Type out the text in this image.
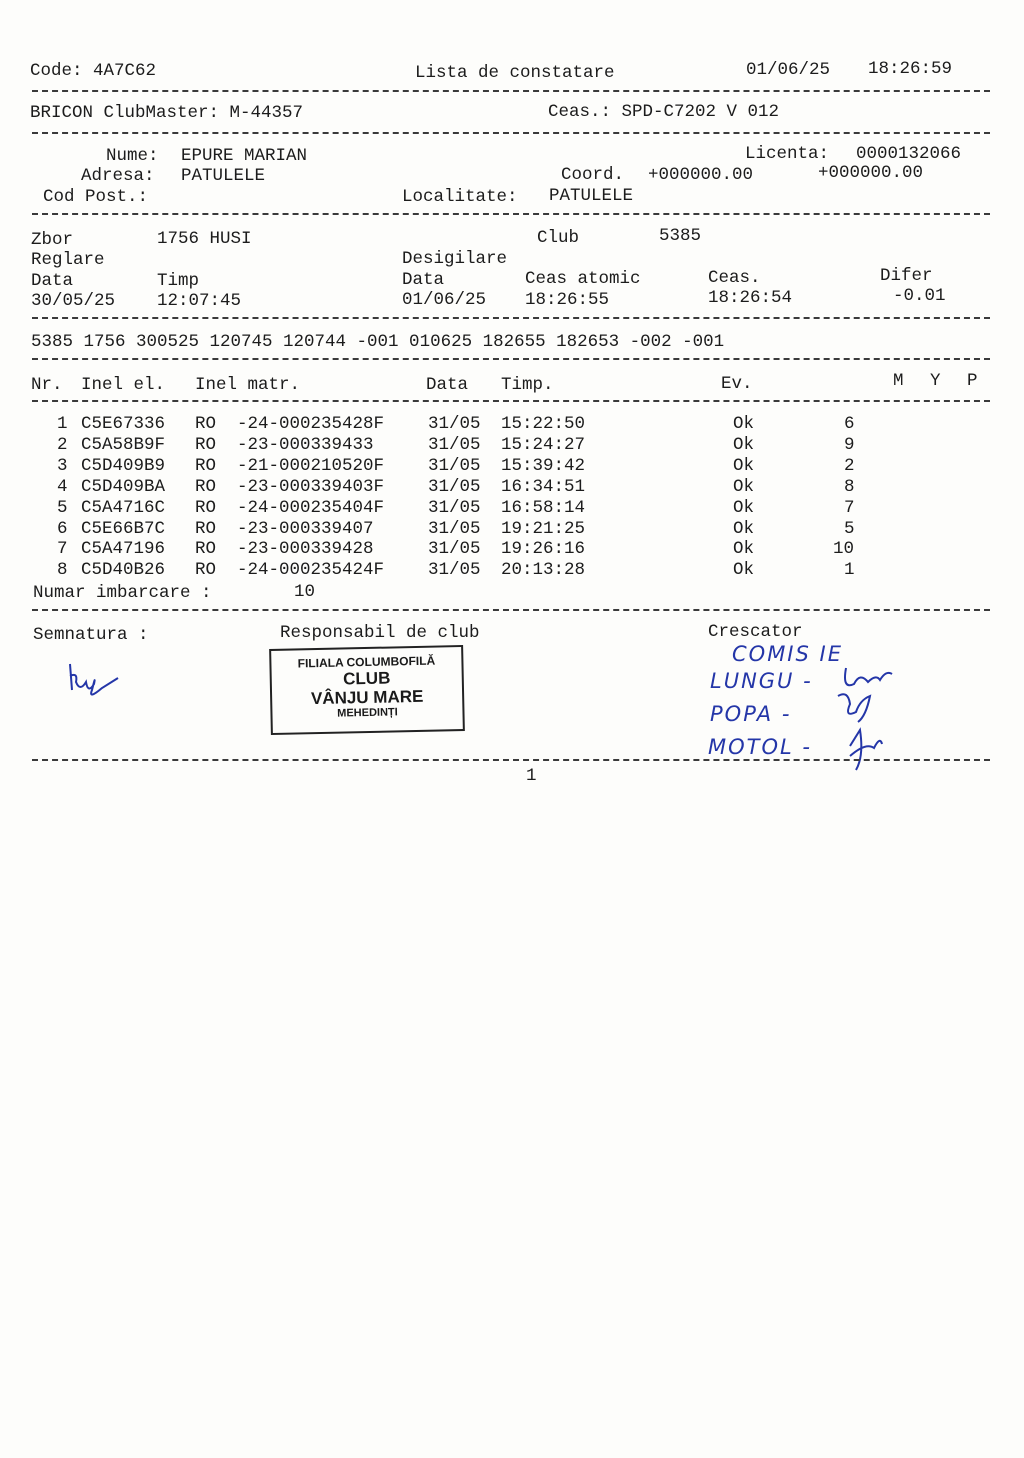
Code: 4A7C62	Lista de constatare	01/06/25 18:26:59
BRICON ClubMaster: M-44357	Ceas.: SPD-C7202 V 012
Nume: EPURE MARIAN	Licenta: 0000132066
Adresa: PATULELE	Coord. +000000.00	+000000.00
Cod Post.:	Localitate: PATULELE
Zbor	1756 HUSI	Club	5385
Reglare	Desigilare
Data	Timp	Data	Ceas atomic	Ceas.	Difer
30/05/25 12:07:45	01/06/25 18:26:55	18:26:54	-0.01
5385 1756 300525 120745 120744 -001 010625 182655 182653 -002 -001
Nr. Inel el. Inel matr.	Data Timp.	Ev.	M Y P
1 C5E67336 RO  -24-000235428F	31/05 15:22:50	Ok	6
2 C5A58B9F RO  -23-000339433	31/05 15:24:27	Ok	9
3 C5D409B9 RO  -21-000210520F	31/05 15:39:42	Ok	2
4 C5D409BA RO  -23-000339403F	31/05 16:34:51	Ok	8
5 C5A4716C RO  -24-000235404F	31/05 16:58:14	Ok	7
6 C5E66B7C RO  -23-000339407	31/05 19:21:25	Ok	5
7 C5A47196 RO  -23-000339428	31/05 19:26:16	Ok	10
8 C5D40B26 RO  -24-000235424F	31/05 20:13:28	Ok	1
Numar imbarcare :	10
Semnatura :	Responsabil de club	Crescator
FILIALA COLUMBOFILĂ
CLUB
VÂNJU MARE
MEHEDINȚI
COMIS IE
LUNGU -
POPA -
MOTOL -
1
